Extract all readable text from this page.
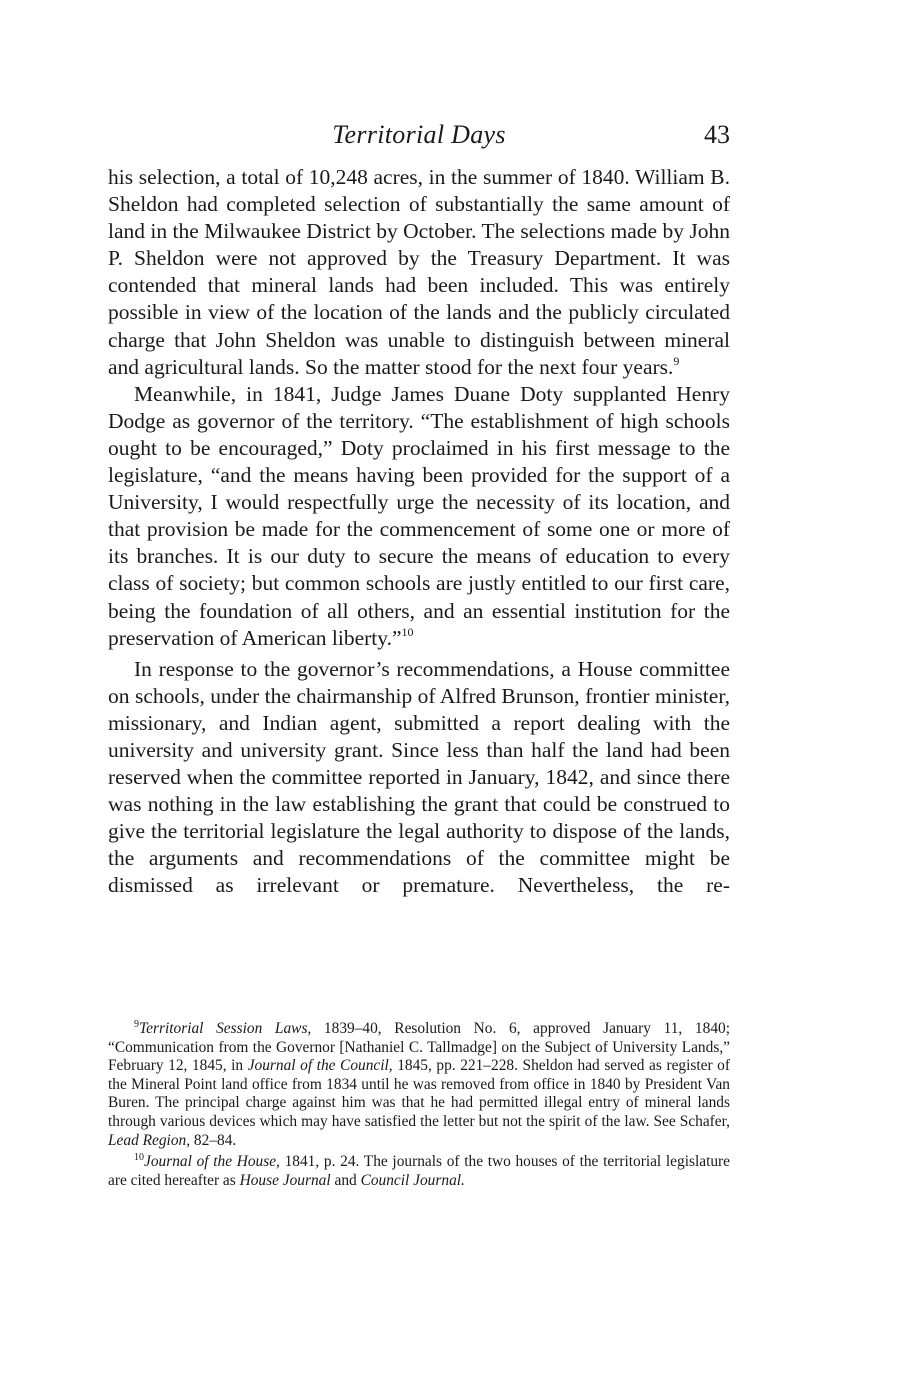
Territorial Days	43

his selection, a total of 10,248 acres, in the summer of 1840. William B. Sheldon had completed selection of substantially the same amount of land in the Milwaukee District by October. The selections made by John P. Sheldon were not approved by the Treasury Department. It was contended that mineral lands had been included. This was entirely possible in view of the location of the lands and the publicly circulated charge that John Sheldon was unable to distinguish between mineral and agricultural lands. So the matter stood for the next four years.$^9$

Meanwhile, in 1841, Judge James Duane Doty supplanted Henry Dodge as governor of the territory. “The establishment of high schools ought to be encouraged,” Doty proclaimed in his first message to the legislature, “and the means having been provided for the support of a University, I would respectfully urge the necessity of its location, and that provision be made for the commencement of some one or more of its branches. It is our duty to secure the means of education to every class of society; but common schools are justly entitled to our first care, being the foundation of all others, and an essential institution for the preservation of American liberty.”$^{10}$

In response to the governor’s recommendations, a House committee on schools, under the chairmanship of Alfred Brunson, frontier minister, missionary, and Indian agent, submitted a report dealing with the university and university grant. Since less than half the land had been reserved when the committee reported in January, 1842, and since there was nothing in the law establishing the grant that could be construed to give the territorial legislature the legal authority to dispose of the lands, the arguments and recommendations of the committee might be dismissed as irrelevant or premature. Nevertheless, the re-

$^9$Territorial Session Laws, 1839–40, Resolution No. 6, approved January 11, 1840; “Communication from the Governor [Nathaniel C. Tallmadge] on the Subject of University Lands,” February 12, 1845, in Journal of the Council, 1845, pp. 221–228. Sheldon had served as register of the Mineral Point land office from 1834 until he was removed from office in 1840 by President Van Buren. The principal charge against him was that he had permitted illegal entry of mineral lands through various devices which may have satisfied the letter but not the spirit of the law. See Schafer, Lead Region, 82–84.

$^{10}$Journal of the House, 1841, p. 24. The journals of the two houses of the territorial legislature are cited hereafter as House Journal and Council Journal.
